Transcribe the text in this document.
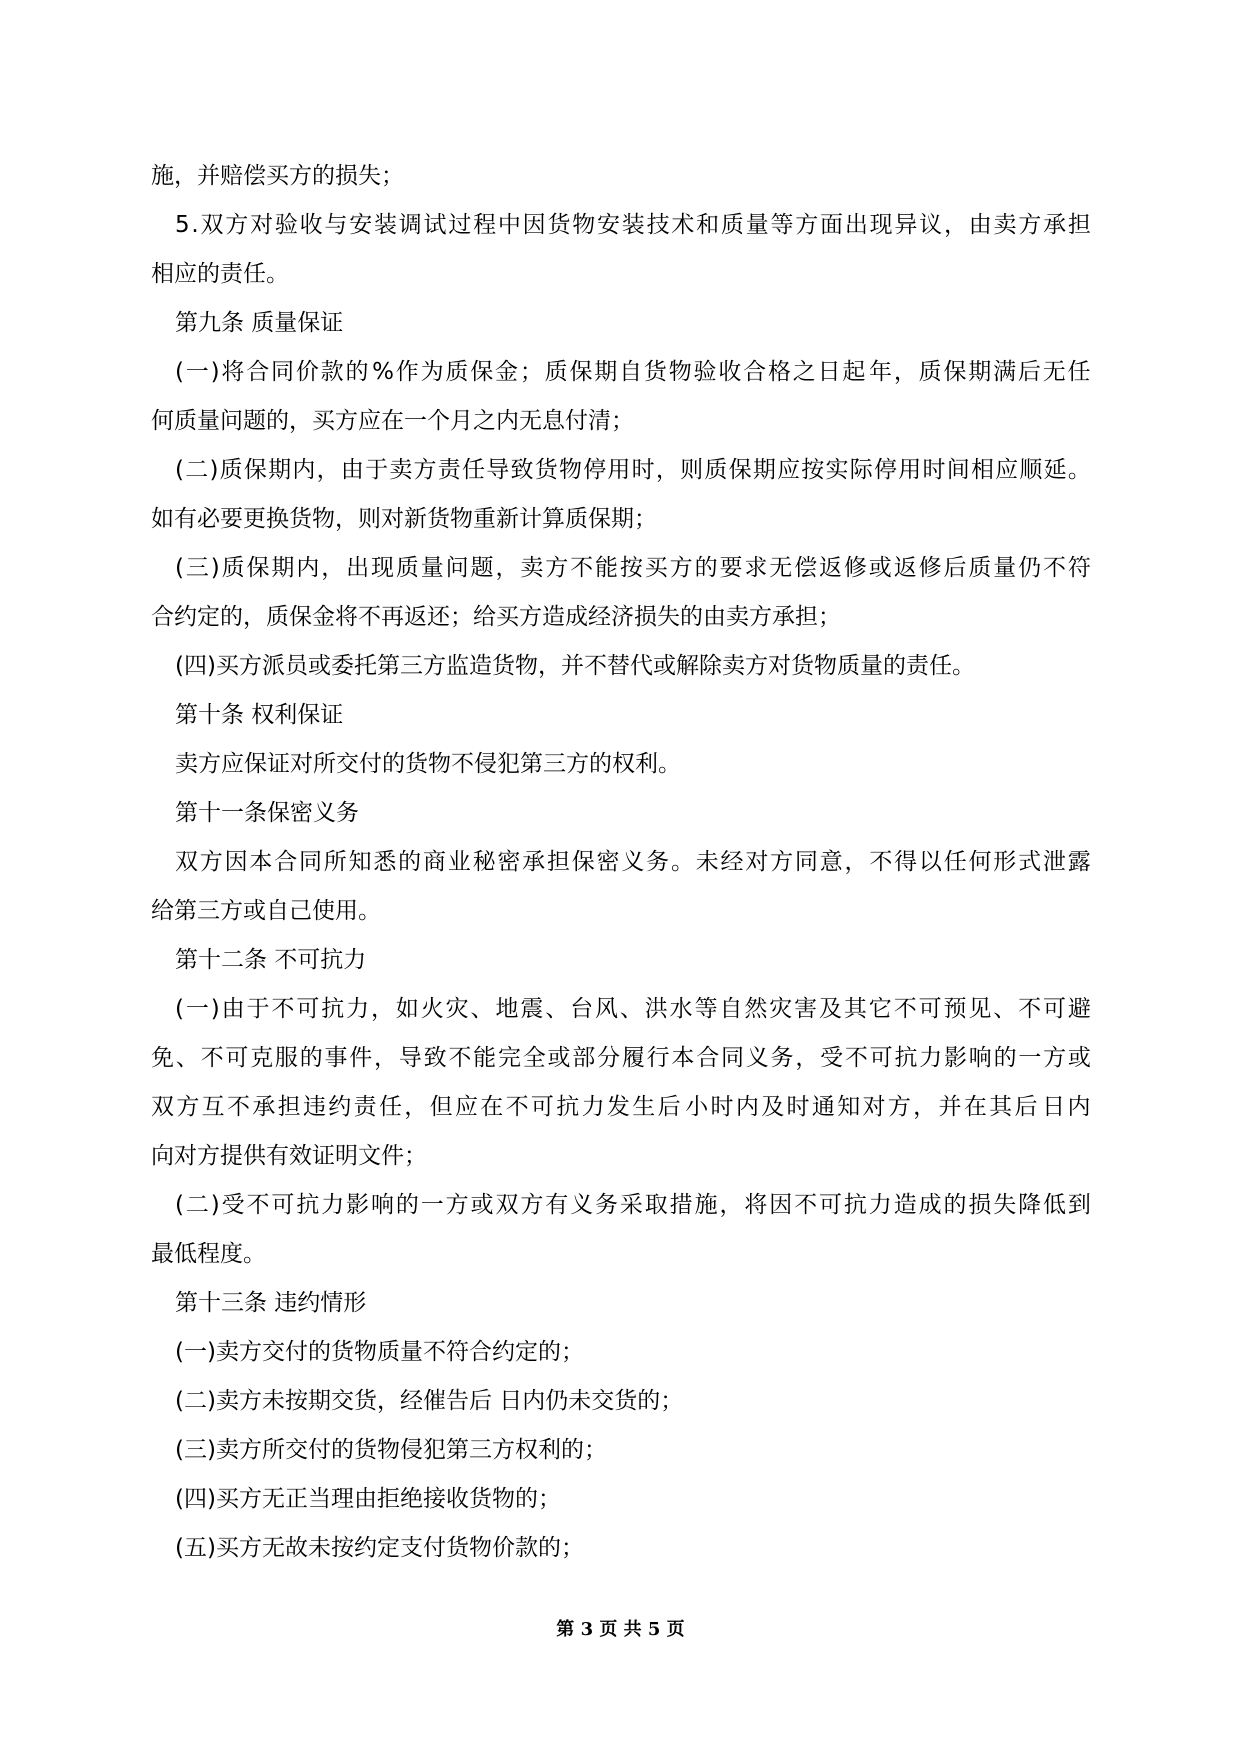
施，并赔偿买方的损失；
5 . 双 方 对 验 收 与 安 装 调 试 过 程 中 因 货 物 安 装 技 术 和 质 量 等 方 面 出 现 异 议 ， 由 卖 方 承 担
相应的责任。
第九条 质量保证
( 一 ) 将 合 同 价 款 的 % 作 为 质 保 金 ； 质 保 期 自 货 物 验 收 合 格 之 日 起 年 ， 质 保 期 满 后 无 任
何质量问题的，买方应在一个月之内无息付清；
( 二 ) 质 保 期 内 ， 由 于 卖 方 责 任 导 致 货 物 停 用 时 ， 则 质 保 期 应 按 实 际 停 用 时 间 相 应 顺 延 。
如有必要更换货物，则对新货物重新计算质保期；
( 三 ) 质 保 期 内 ， 出 现 质 量 问 题 ， 卖 方 不 能 按 买 方 的 要 求 无 偿 返 修 或 返 修 后 质 量 仍 不 符
合约定的，质保金将不再返还；给买方造成经济损失的由卖方承担；
(四)买方派员或委托第三方监造货物，并不替代或解除卖方对货物质量的责任。
第十条 权利保证
卖方应保证对所交付的货物不侵犯第三方的权利。
第十一条保密义务
双 方 因 本 合 同 所 知 悉 的 商 业 秘 密 承 担 保 密 义 务 。 未 经 对 方 同 意 ， 不 得 以 任 何 形 式 泄 露
给第三方或自己使用。
第十二条 不可抗力
( 一 ) 由 于 不 可 抗 力 ， 如 火 灾 、 地 震 、 台 风 、 洪 水 等 自 然 灾 害 及 其 它 不 可 预 见 、 不 可 避
免 、 不 可 克 服 的 事 件 ， 导 致 不 能 完 全 或 部 分 履 行 本 合 同 义 务 ， 受 不 可 抗 力 影 响 的 一 方 或
双 方 互 不 承 担 违 约 责 任 ， 但 应 在 不 可 抗 力 发 生 后 小 时 内 及 时 通 知 对 方 ， 并 在 其 后 日 内
向对方提供有效证明文件；
( 二 ) 受 不 可 抗 力 影 响 的 一 方 或 双 方 有 义 务 采 取 措 施 ， 将 因 不 可 抗 力 造 成 的 损 失 降 低 到
最低程度。
第十三条 违约情形
(一)卖方交付的货物质量不符合约定的；
(二)卖方未按期交货，经催告后 日内仍未交货的；
(三)卖方所交付的货物侵犯第三方权利的；
(四)买方无正当理由拒绝接收货物的；
(五)买方无故未按约定支付货物价款的；
第 3 页 共 5 页
